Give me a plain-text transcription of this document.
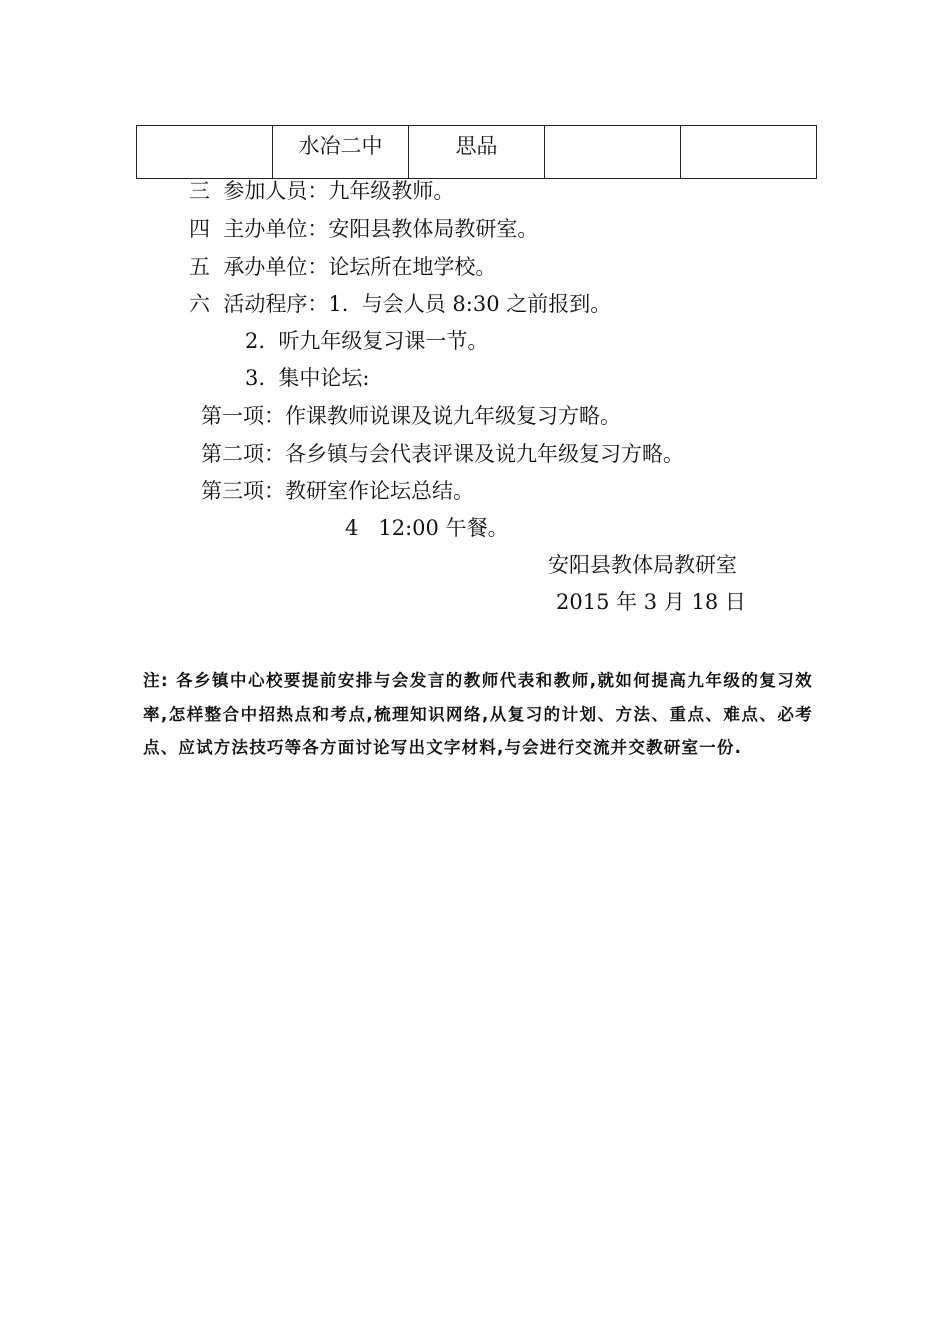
	水冶二中	思品		
三  参加人员：九年级教师。
四  主办单位：安阳县教体局教研室。
五  承办单位：论坛所在地学校。
六  活动程序：1.  与会人员 8:30 之前报到。
2.  听九年级复习课一节。
3.  集中论坛:
第一项：作课教师说课及说九年级复习方略。
第二项：各乡镇与会代表评课及说九年级复习方略。
第三项：教研室作论坛总结。
4   12:00 午餐。
安阳县教体局教研室
2015 年 3 月 18 日
注: 各乡镇中心校要提前安排与会发言的教师代表和教师,就如何提高九年级的复习效率,怎样整合中招热点和考点,梳理知识网络,从复习的计划、方法、重点、难点、必考点、应试方法技巧等各方面讨论写出文字材料,与会进行交流并交教研室一份.
